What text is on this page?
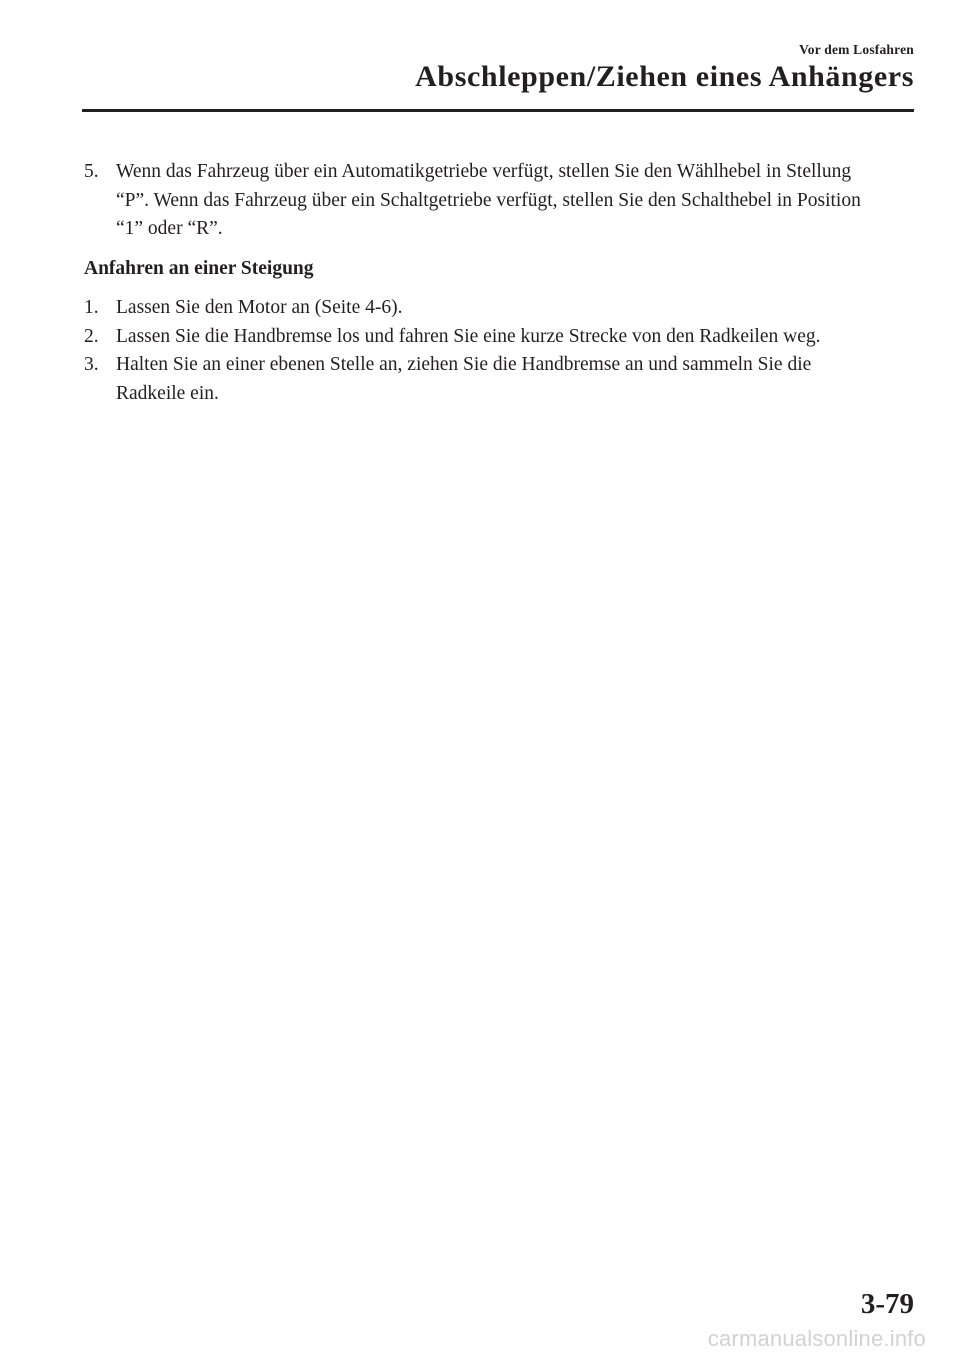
Vor dem Losfahren
Abschleppen/Ziehen eines Anhängers
5. Wenn das Fahrzeug über ein Automatikgetriebe verfügt, stellen Sie den Wählhebel in Stellung “P”. Wenn das Fahrzeug über ein Schaltgetriebe verfügt, stellen Sie den Schalthebel in Position “1” oder “R”.
Anfahren an einer Steigung
1. Lassen Sie den Motor an (Seite 4-6).
2. Lassen Sie die Handbremse los und fahren Sie eine kurze Strecke von den Radkeilen weg.
3. Halten Sie an einer ebenen Stelle an, ziehen Sie die Handbremse an und sammeln Sie die Radkeile ein.
3-79
carmanualsonline.info
